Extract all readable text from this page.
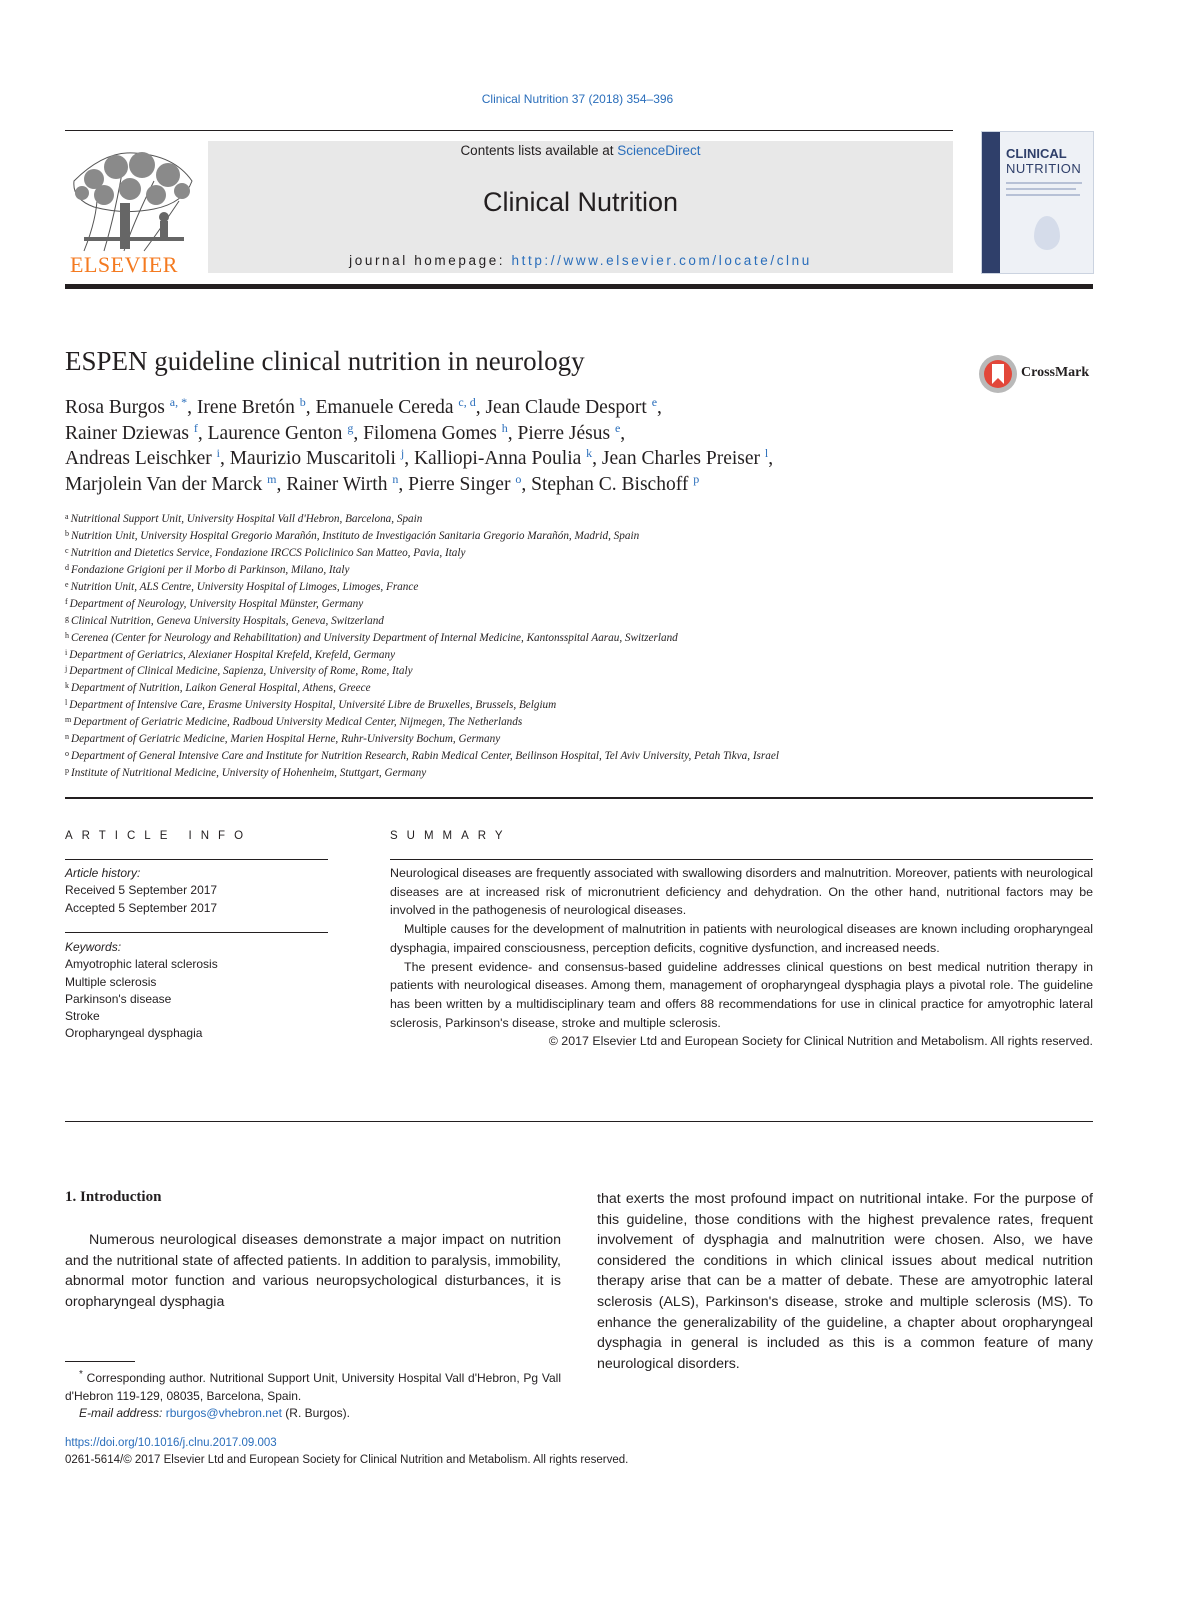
Clinical Nutrition 37 (2018) 354–396
ELSEVIER
Contents lists available at ScienceDirect
Clinical Nutrition
journal homepage: http://www.elsevier.com/locate/clnu
CLINICAL
NUTRITION
ESPEN guideline clinical nutrition in neurology	CrossMark
Rosa Burgos $^{a, *}$, Irene Bretón $^b$, Emanuele Cereda $^{c, d}$, Jean Claude Desport $^e$,
Rainer Dziewas $^f$, Laurence Genton $^g$, Filomena Gomes $^h$, Pierre Jésus $^e$,
Andreas Leischker $^i$, Maurizio Muscaritoli $^j$, Kalliopi-Anna Poulia $^k$, Jean Charles Preiser $^l$,
Marjolein Van der Marck $^m$, Rainer Wirth $^n$, Pierre Singer $^o$, Stephan C. Bischoff $^p$
$^a$ Nutritional Support Unit, University Hospital Vall d'Hebron, Barcelona, Spain
$^b$ Nutrition Unit, University Hospital Gregorio Marañón, Instituto de Investigación Sanitaria Gregorio Marañón, Madrid, Spain
$^c$ Nutrition and Dietetics Service, Fondazione IRCCS Policlinico San Matteo, Pavia, Italy
$^d$ Fondazione Grigioni per il Morbo di Parkinson, Milano, Italy
$^e$ Nutrition Unit, ALS Centre, University Hospital of Limoges, Limoges, France
$^f$ Department of Neurology, University Hospital Münster, Germany
$^g$ Clinical Nutrition, Geneva University Hospitals, Geneva, Switzerland
$^h$ Cerenea (Center for Neurology and Rehabilitation) and University Department of Internal Medicine, Kantonsspital Aarau, Switzerland
$^i$ Department of Geriatrics, Alexianer Hospital Krefeld, Krefeld, Germany
$^j$ Department of Clinical Medicine, Sapienza, University of Rome, Rome, Italy
$^k$ Department of Nutrition, Laikon General Hospital, Athens, Greece
$^l$ Department of Intensive Care, Erasme University Hospital, Université Libre de Bruxelles, Brussels, Belgium
$^m$ Department of Geriatric Medicine, Radboud University Medical Center, Nijmegen, The Netherlands
$^n$ Department of Geriatric Medicine, Marien Hospital Herne, Ruhr-University Bochum, Germany
$^o$ Department of General Intensive Care and Institute for Nutrition Research, Rabin Medical Center, Beilinson Hospital, Tel Aviv University, Petah Tikva, Israel
$^p$ Institute of Nutritional Medicine, University of Hohenheim, Stuttgart, Germany
ARTICLE INFO	SUMMARY
Article history:
Received 5 September 2017
Accepted 5 September 2017
Keywords:
Amyotrophic lateral sclerosis
Multiple sclerosis
Parkinson's disease
Stroke
Oropharyngeal dysphagia

Neurological diseases are frequently associated with swallowing disorders and malnutrition. Moreover, patients with neurological diseases are at increased risk of micronutrient deficiency and dehydration. On the other hand, nutritional factors may be involved in the pathogenesis of neurological diseases.

Multiple causes for the development of malnutrition in patients with neurological diseases are known including oropharyngeal dysphagia, impaired consciousness, perception deficits, cognitive dysfunction, and increased needs.

The present evidence- and consensus-based guideline addresses clinical questions on best medical nutrition therapy in patients with neurological diseases. Among them, management of oropharyngeal dysphagia plays a pivotal role. The guideline has been written by a multidisciplinary team and offers 88 recommendations for use in clinical practice for amyotrophic lateral sclerosis, Parkinson's disease, stroke and multiple sclerosis.

© 2017 Elsevier Ltd and European Society for Clinical Nutrition and Metabolism. All rights reserved.

1. Introduction

Numerous neurological diseases demonstrate a major impact on nutrition and the nutritional state of affected patients. In addition to paralysis, immobility, abnormal motor function and various neuropsychological disturbances, it is oropharyngeal dysphagia

that exerts the most profound impact on nutritional intake. For the purpose of this guideline, those conditions with the highest prevalence rates, frequent involvement of dysphagia and malnutrition were chosen. Also, we have considered the conditions in which clinical issues about medical nutrition therapy arise that can be a matter of debate. These are amyotrophic lateral sclerosis (ALS), Parkinson's disease, stroke and multiple sclerosis (MS). To enhance the generalizability of the guideline, a chapter about oropharyngeal dysphagia in general is included as this is a common feature of many neurological disorders.

* Corresponding author. Nutritional Support Unit, University Hospital Vall d'Hebron, Pg Vall d'Hebron 119-129, 08035, Barcelona, Spain.

E-mail address: rburgos@vhebron.net (R. Burgos).

https://doi.org/10.1016/j.clnu.2017.09.003
0261-5614/© 2017 Elsevier Ltd and European Society for Clinical Nutrition and Metabolism. All rights reserved.
